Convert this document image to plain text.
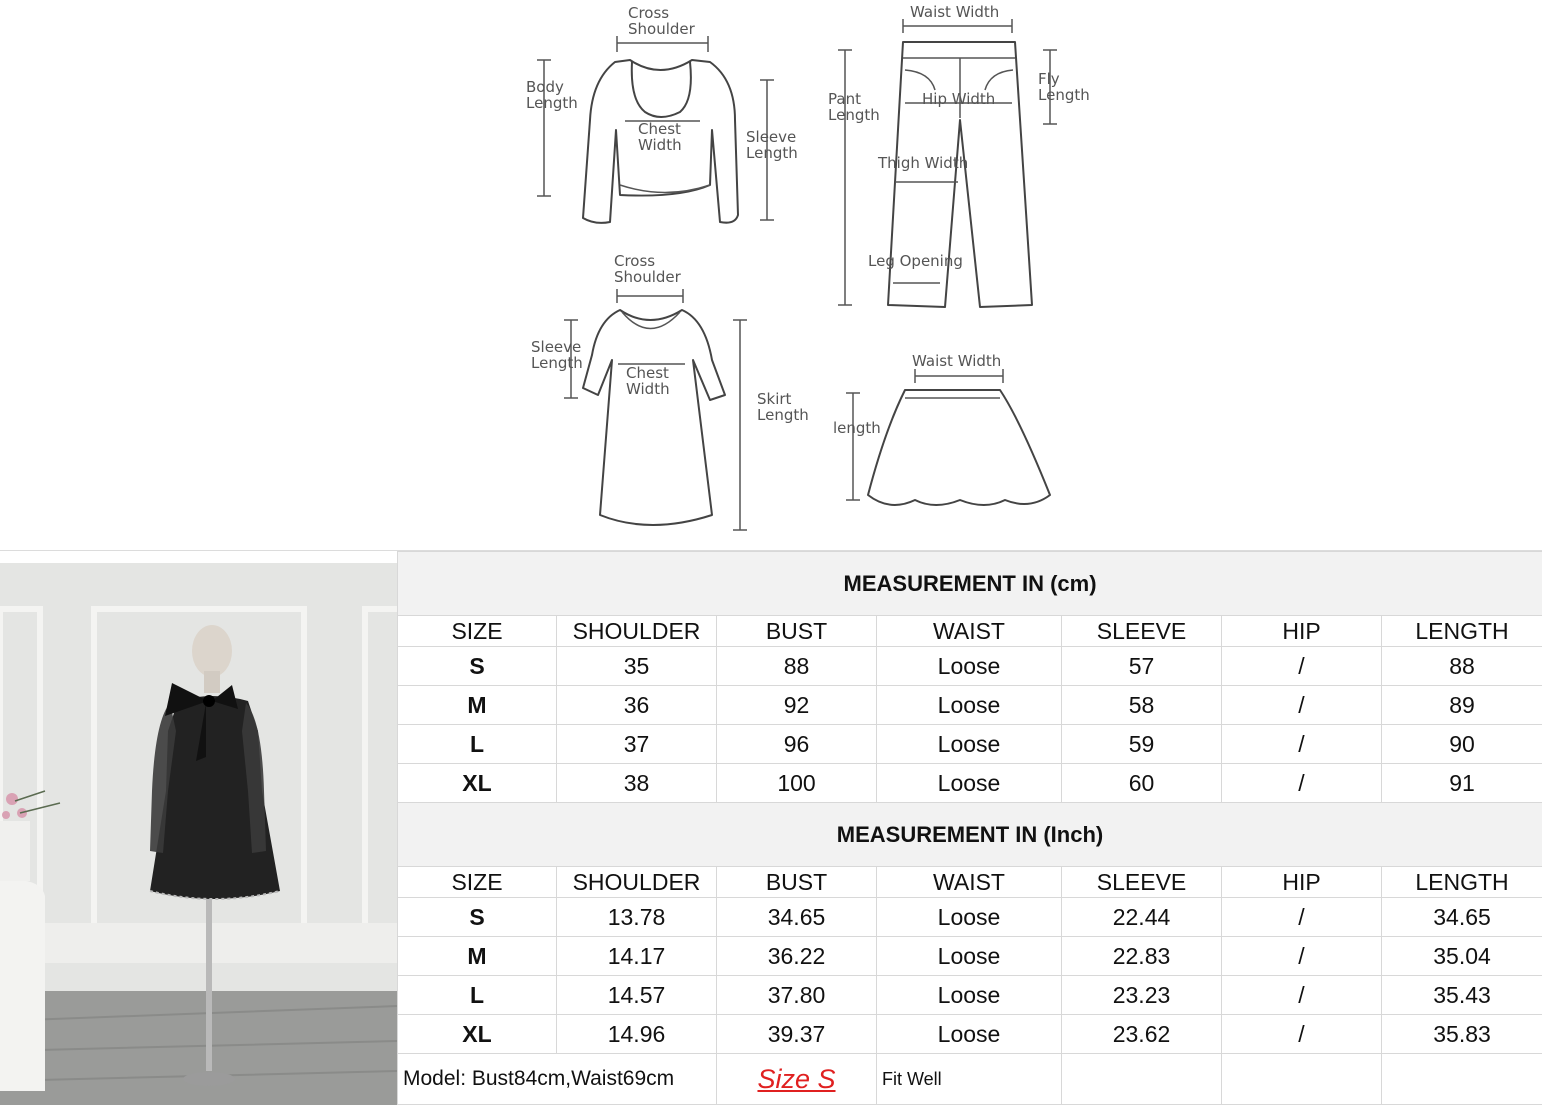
Cross
Shoulder
Body
Length
Chest
Width	Sleeve
Length
Waist Width
Pant
Length
Hip Width
Fly
Length
Thigh Width
Leg Opening
Cross
Shoulder
Sleeve
Length
Chest
Width
Skirt
Length
Waist Width
length
MEASUREMENT IN (cm)						
SIZE	SHOULDER	BUST	WAIST	SLEEVE	HIP	LENGTH
S	35	88	Loose	57	/	88
M	36	92	Loose	58	/	89
L	37	96	Loose	59	/	90
XL	38	100	Loose	60	/	91
MEASUREMENT IN (Inch)						
SIZE	SHOULDER	BUST	WAIST	SLEEVE	HIP	LENGTH
S	13.78	34.65	Loose	22.44	/	34.65
M	14.17	36.22	Loose	22.83	/	35.04
L	14.57	37.80	Loose	23.23	/	35.43
XL	14.96	39.37	Loose	23.62	/	35.83
Model: Bust84cm,Waist69cm		Size S	Fit Well			
